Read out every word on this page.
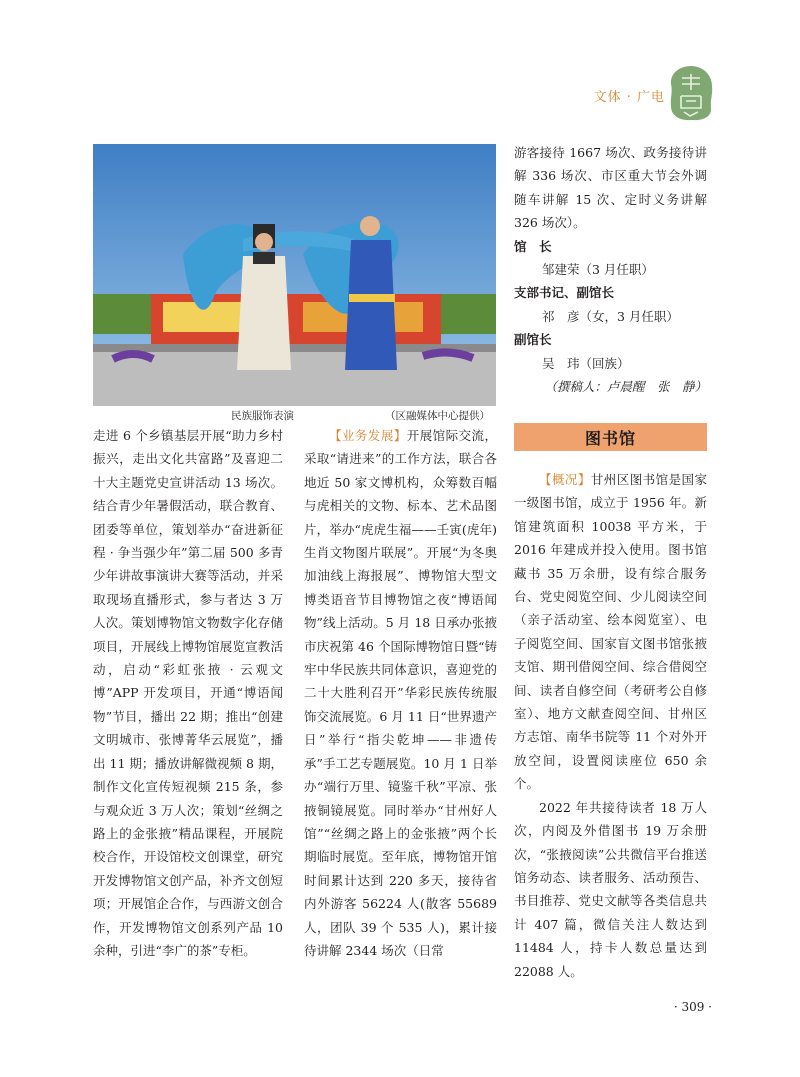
文体 · 广电
民族服饰表演	（区融媒体中心提供）

走进 6 个乡镇基层开展“助力乡村振兴，走出文化共富路”及喜迎二十大主题党史宣讲活动 13 场次。结合青少年暑假活动，联合教育、团委等单位，策划举办“奋进新征程 · 争当强少年”第二届 500 多青少年讲故事演讲大赛等活动，并采取现场直播形式，参与者达 3 万人次。策划博物馆文物数字化存储项目，开展线上博物馆展览宣教活动，启动“彩虹张掖 · 云观文博”APP 开发项目，开通“博语闻物”节目，播出 22 期；推出“创建文明城市、张博菁华云展览”，播出 11 期；播放讲解微视频 8 期，制作文化宣传短视频 215 条，参与观众近 3 万人次；策划“丝绸之路上的金张掖”精品课程，开展院校合作，开设馆校文创课堂，研究开发博物馆文创产品，补齐文创短项；开展馆企合作，与西游文创合作，开发博物馆文创系列产品 10 余种，引进“李广的茶”专柜。

【业务发展】开展馆际交流，采取“请进来”的工作方法，联合各地近 50 家文博机构，众筹数百幅与虎相关的文物、标本、艺术品图片，举办“虎虎生福——壬寅(虎年)生肖文物图片联展”。开展“为冬奥加油线上海报展”、博物馆大型文博类语音节目博物馆之夜“博语闻物”线上活动。5 月 18 日承办张掖市庆祝第 46 个国际博物馆日暨“铸牢中华民族共同体意识，喜迎党的二十大胜利召开”华彩民族传统服饰交流展览。6 月 11 日“世界遗产日”举行“指尖乾坤——非遗传承”手工艺专题展览。10 月 1 日举办“端行万里、镜鉴千秋”平凉、张掖铜镜展览。同时举办“甘州好人馆”“丝绸之路上的金张掖”两个长期临时展览。至年底，博物馆开馆时间累计达到 220 多天，接待省内外游客 56224 人(散客 55689 人，团队 39 个 535 人)，累计接待讲解 2344 场次（日常

游客接待 1667 场次、政务接待讲解 336 场次、市区重大节会外调随车讲解 15 次、定时义务讲解 326 场次）。

馆　长
邹建荣（3 月任职）
支部书记、副馆长
祁　彦（女，3 月任职）
副馆长
吴　玮（回族）
（撰稿人：卢晨醒　张　静）
图书馆

【概况】甘州区图书馆是国家一级图书馆，成立于 1956 年。新馆建筑面积 10038 平方米，于 2016 年建成并投入使用。图书馆藏书 35 万余册，设有综合服务台、党史阅览空间、少儿阅读空间（亲子活动室、绘本阅览室）、电子阅览空间、国家盲文图书馆张掖支馆、期刊借阅空间、综合借阅空间、读者自修空间（考研考公自修室）、地方文献查阅空间、甘州区方志馆、南华书院等 11 个对外开放空间，设置阅读座位 650 余个。

2022 年共接待读者 18 万人次，内阅及外借图书 19 万余册次，“张掖阅读”公共微信平台推送馆务动态、读者服务、活动预告、书目推荐、党史文献等各类信息共计 407 篇，微信关注人数达到 11484 人，持卡人数总量达到 22088 人。

· 309 ·
